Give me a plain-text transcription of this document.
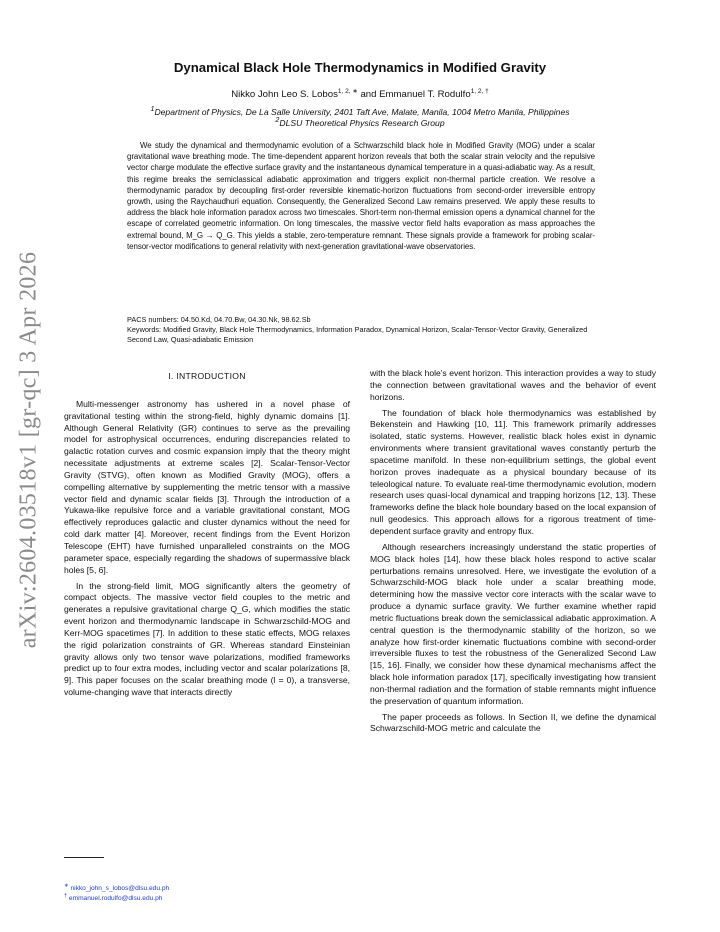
arXiv:2604.03518v1 [gr-qc] 3 Apr 2026
Dynamical Black Hole Thermodynamics in Modified Gravity
Nikko John Leo S. Lobos$^{1, 2, ∗}$ and Emmanuel T. Rodulfo$^{1, 2, \dagger}$
$^1$Department of Physics, De La Salle University, 2401 Taft Ave, Malate, Manila, 1004 Metro Manila, Philippines
$^2$DLSU Theoretical Physics Research Group
We study the dynamical and thermodynamic evolution of a Schwarzschild black hole in Modified Gravity (MOG) under a scalar gravitational wave breathing mode. The time-dependent apparent horizon reveals that both the scalar strain velocity and the repulsive vector charge modulate the effective surface gravity and the instantaneous dynamical temperature in a quasi-adiabatic way. As a result, this regime breaks the semiclassical adiabatic approximation and triggers explicit non-thermal particle creation. We resolve a thermodynamic paradox by decoupling first-order reversible kinematic-horizon fluctuations from second-order irreversible entropy growth, using the Raychaudhuri equation. Consequently, the Generalized Second Law remains preserved. We apply these results to address the black hole information paradox across two timescales. Short-term non-thermal emission opens a dynamical channel for the escape of correlated geometric information. On long timescales, the massive vector field halts evaporation as mass approaches the extremal bound, M_G → Q_G. This yields a stable, zero-temperature remnant. These signals provide a framework for probing scalar-tensor-vector modifications to general relativity with next-generation gravitational-wave observatories.
PACS numbers: 04.50.Kd, 04.70.Bw, 04.30.Nk, 98.62.Sb
Keywords: Modified Gravity, Black Hole Thermodynamics, Information Paradox, Dynamical Horizon, Scalar-Tensor-Vector Gravity, Generalized Second Law, Quasi-adiabatic Emission
I. INTRODUCTION

Multi-messenger astronomy has ushered in a novel phase of gravitational testing within the strong-field, highly dynamic domains [1]. Although General Relativity (GR) continues to serve as the prevailing model for astrophysical occurrences, enduring discrepancies related to galactic rotation curves and cosmic expansion imply that the theory might necessitate adjustments at extreme scales [2]. Scalar-Tensor-Vector Gravity (STVG), often known as Modified Gravity (MOG), offers a compelling alternative by supplementing the metric tensor with a massive vector field and dynamic scalar fields [3]. Through the introduction of a Yukawa-like repulsive force and a variable gravitational constant, MOG effectively reproduces galactic and cluster dynamics without the need for cold dark matter [4]. Moreover, recent findings from the Event Horizon Telescope (EHT) have furnished unparalleled constraints on the MOG parameter space, especially regarding the shadows of supermassive black holes [5, 6].

In the strong-field limit, MOG significantly alters the geometry of compact objects. The massive vector field couples to the metric and generates a repulsive gravitational charge Q_G, which modifies the static event horizon and thermodynamic landscape in Schwarzschild-MOG and Kerr-MOG spacetimes [7]. In addition to these static effects, MOG relaxes the rigid polarization constraints of GR. Whereas standard Einsteinian gravity allows only two tensor wave polarizations, modified frameworks predict up to four extra modes, including vector and scalar polarizations [8, 9]. This paper focuses on the scalar breathing mode (l = 0), a transverse, volume-changing wave that interacts directly

with the black hole's event horizon. This interaction provides a way to study the connection between gravitational waves and the behavior of event horizons.

The foundation of black hole thermodynamics was established by Bekenstein and Hawking [10, 11]. This framework primarily addresses isolated, static systems. However, realistic black holes exist in dynamic environments where transient gravitational waves constantly perturb the spacetime manifold. In these non-equilibrium settings, the global event horizon proves inadequate as a physical boundary because of its teleological nature. To evaluate real-time thermodynamic evolution, modern research uses quasi-local dynamical and trapping horizons [12, 13]. These frameworks define the black hole boundary based on the local expansion of null geodesics. This approach allows for a rigorous treatment of time-dependent surface gravity and entropy flux.

Although researchers increasingly understand the static properties of MOG black holes [14], how these black holes respond to active scalar perturbations remains unresolved. Here, we investigate the evolution of a Schwarzschild-MOG black hole under a scalar breathing mode, determining how the massive vector core interacts with the scalar wave to produce a dynamic surface gravity. We further examine whether rapid metric fluctuations break down the semiclassical adiabatic approximation. A central question is the thermodynamic stability of the horizon, so we analyze how first-order kinematic fluctuations combine with second-order irreversible fluxes to test the robustness of the Generalized Second Law [15, 16]. Finally, we consider how these dynamical mechanisms affect the black hole information paradox [17], specifically investigating how transient non-thermal radiation and the formation of stable remnants might influence the preservation of quantum information.

The paper proceeds as follows. In Section II, we define the dynamical Schwarzschild-MOG metric and calculate the

∗ nikko_john_s_lobos@dlsu.edu.ph
† emmanuel.rodulfo@dlsu.edu.ph
